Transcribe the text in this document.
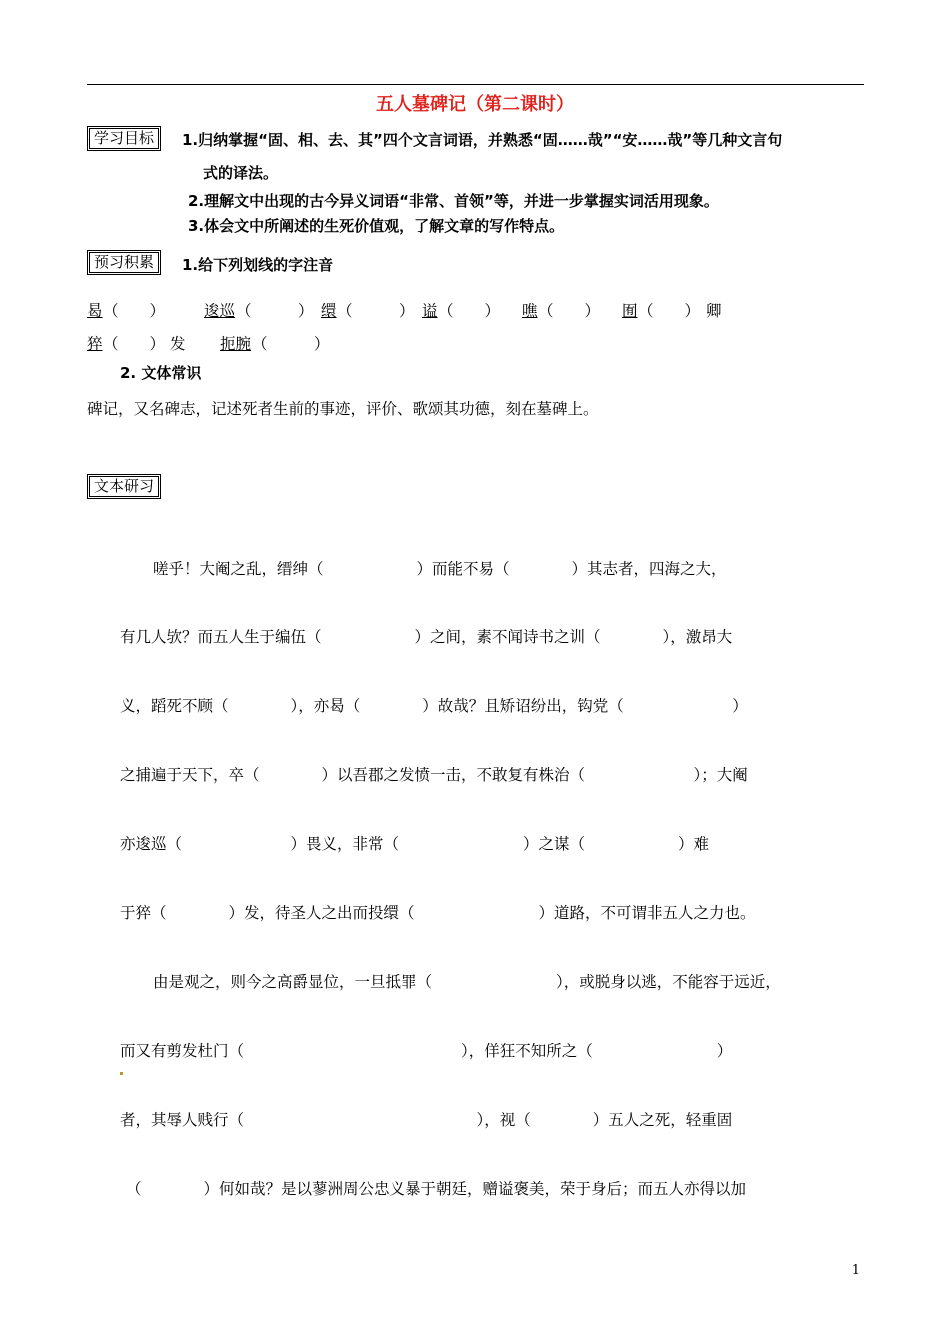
五人墓碑记（第二课时）
学习目标	1.归纳掌握“固、相、去、其”四个文言词语，并熟悉“固……哉”“安……哉”等几种文言句
式的译法。
2.理解文中出现的古今异义词语“非常、首领”等，并进一步掌握实词活用现象。
3.体会文中所阐述的生死价值观，了解文章的写作特点。
预习积累	1.给下列划线的字注音
曷 （　　）	逡巡 （　　　） 缳 （　　　） 谥 （　　） 噍 （　　） 囿 （　　） 卿
猝 （　　） 发 扼腕 （　　　）
2. 文体常识
碑记，又名碑志，记述死者生前的事迹，评价、歌颂其功德，刻在墓碑上。
文本研习
嗟乎！大阉之乱，缙绅（　　　　　　）而能不易（　　　　）其志者，四海之大，
有几人欤？而五人生于编伍（　　　　　　）之间，素不闻诗书之训（　　　　），激昂大
义，蹈死不顾（　　　　），亦曷（　　　　）故哉？且矫诏纷出，钩党（　　　　　　　）
之捕遍于天下，卒（　　　　）以吾郡之发愤一击，不敢复有株治（　　　　　　　）；大阉
亦逡巡（　　　　　　　）畏义，非常（　　　　　　　　）之谋（　　　　　　）难
于猝（　　　　）发，待圣人之出而投缳（　　　　　　　　）道路，不可谓非五人之力也。
由是观之，则今之高爵显位，一旦抵罪（　　　　　　　　），或脱身以逃，不能容于远近，
而又有剪发杜门（　　　　　　　　　　　　　　），佯狂不知所之（　　　　　　　　）
者，其辱人贱行（　　　　　　　　　　　　　　　），视（　　　　）五人之死，轻重固
（　　　　）何如哉？是以蓼洲周公忠义暴于朝廷，赠谥褒美，荣于身后；而五人亦得以加
1
